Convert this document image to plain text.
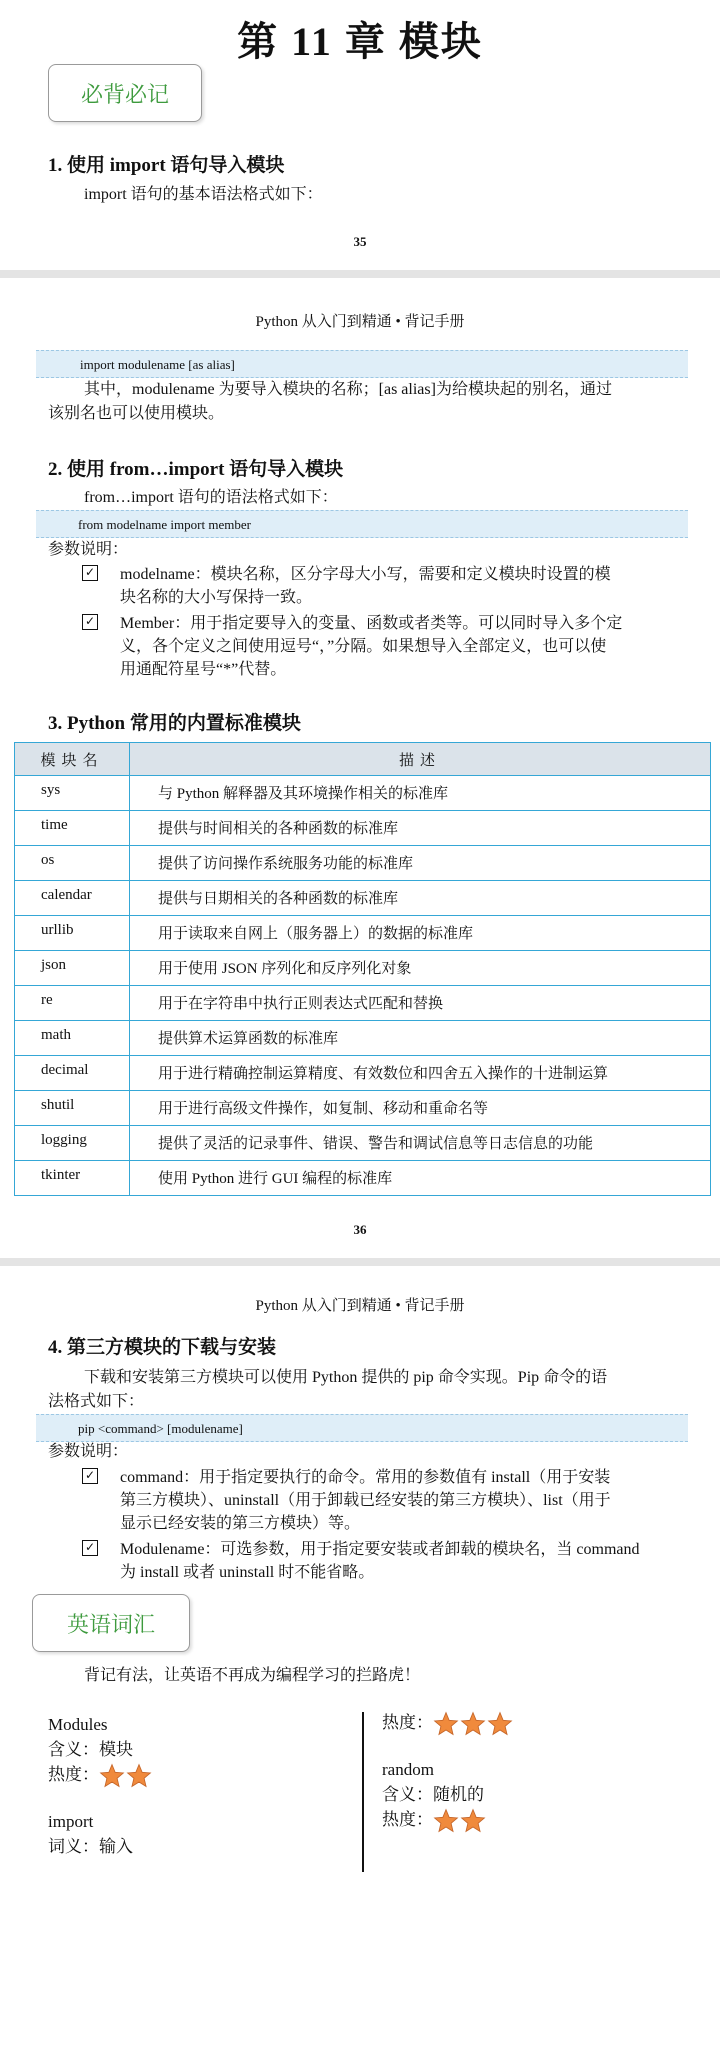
第 11 章 模块
必背必记
1. 使用 import 语句导入模块
import 语句的基本语法格式如下：
35
Python 从入门到精通 • 背记手册
import modulename [as alias]
其中，modulename 为要导入模块的名称；[as alias]为给模块起的别名，通过
该别名也可以使用模块。
2. 使用 from…import 语句导入模块
from…import 语句的语法格式如下：
from modelname import member
参数说明：
✓ modelname：模块名称，区分字母大小写，需要和定义模块时设置的模
块名称的大小写保持一致。
✓ Member：用于指定要导入的变量、函数或者类等。可以同时导入多个定
义，各个定义之间使用逗号“，”分隔。如果想导入全部定义，也可以使
用通配符星号“*”代替。
3. Python 常用的内置标准模块
模块名	描述
sys	与 Python 解释器及其环境操作相关的标准库
time	提供与时间相关的各种函数的标准库
os	提供了访问操作系统服务功能的标准库
calendar	提供与日期相关的各种函数的标准库
urllib	用于读取来自网上（服务器上）的数据的标准库
json	用于使用 JSON 序列化和反序列化对象
re	用于在字符串中执行正则表达式匹配和替换
math	提供算术运算函数的标准库
decimal	用于进行精确控制运算精度、有效数位和四舍五入操作的十进制运算
shutil	用于进行高级文件操作，如复制、移动和重命名等
logging	提供了灵活的记录事件、错误、警告和调试信息等日志信息的功能
tkinter	使用 Python 进行 GUI 编程的标准库
36
Python 从入门到精通 • 背记手册
4. 第三方模块的下载与安装
下载和安装第三方模块可以使用 Python 提供的 pip 命令实现。Pip 命令的语
法格式如下：
pip <command> [modulename]
参数说明：
✓ command：用于指定要执行的命令。常用的参数值有 install（用于安装
第三方模块）、uninstall（用于卸载已经安装的第三方模块）、list（用于
显示已经安装的第三方模块）等。
✓ Modulename：可选参数，用于指定要安装或者卸载的模块名，当 command
为 install 或者 uninstall 时不能省略。
英语词汇
背记有法，让英语不再成为编程学习的拦路虎！
Modules
含义：模块
热度：
import
词义：输入
热度：
random
含义：随机的
热度：
